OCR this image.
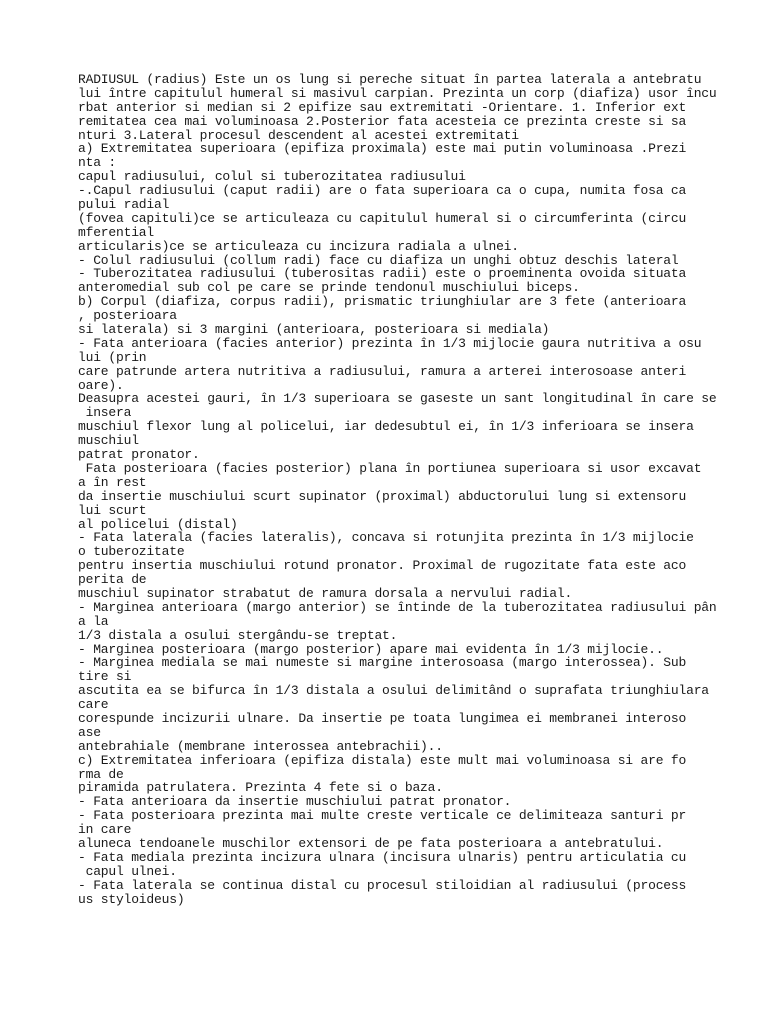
RADIUSUL (radius) Este un os lung si pereche situat în partea laterala a antebratu
lui între capitulul humeral si masivul carpian. Prezinta un corp (diafiza) usor încu
rbat anterior si median si 2 epifize sau extremitati -Orientare. 1. Inferior ext
remitatea cea mai voluminoasa 2.Posterior fata acesteia ce prezinta creste si sa
nturi 3.Lateral procesul descendent al acestei extremitati
a) Extremitatea superioara (epifiza proximala) este mai putin voluminoasa .Prezi
nta :
capul radiusului, colul si tuberozitatea radiusului
-.Capul radiusului (caput radii) are o fata superioara ca o cupa, numita fosa ca
pului radial
(fovea capituli)ce se articuleaza cu capitulul humeral si o circumferinta (circu
mferential
articularis)ce se articuleaza cu incizura radiala a ulnei.
- Colul radiusului (collum radi) face cu diafiza un unghi obtuz deschis lateral
- Tuberozitatea radiusului (tuberositas radii) este o proeminenta ovoida situata
anteromedial sub col pe care se prinde tendonul muschiului biceps.
b) Corpul (diafiza, corpus radii), prismatic triunghiular are 3 fete (anterioara
, posterioara
si laterala) si 3 margini (anterioara, posterioara si mediala)
- Fata anterioara (facies anterior) prezinta în 1/3 mijlocie gaura nutritiva a osu
lui (prin
care patrunde artera nutritiva a radiusului, ramura a arterei interosoase anteri
oare).
Deasupra acestei gauri, în 1/3 superioara se gaseste un sant longitudinal în care se
insera
muschiul flexor lung al policelui, iar dedesubtul ei, în 1/3 inferioara se insera
muschiul
patrat pronator.
Fata posterioara (facies posterior) plana în portiunea superioara si usor excavat
a în rest
da insertie muschiului scurt supinator (proximal) abductorului lung si extensoru
lui scurt
al policelui (distal)
- Fata laterala (facies lateralis), concava si rotunjita prezinta în 1/3 mijlocie
o tuberozitate
pentru insertia muschiului rotund pronator. Proximal de rugozitate fata este aco
perita de
muschiul supinator strabatut de ramura dorsala a nervului radial.
- Marginea anterioara (margo anterior) se întinde de la tuberozitatea radiusului pân
a la
1/3 distala a osului stergându-se treptat.
- Marginea posterioara (margo posterior) apare mai evidenta în 1/3 mijlocie..
- Marginea mediala se mai numeste si margine interosoasa (margo interossea). Sub
tire si
ascutita ea se bifurca în 1/3 distala a osului delimitând o suprafata triunghiulara
care
corespunde incizurii ulnare. Da insertie pe toata lungimea ei membranei interoso
ase
antebrahiale (membrane interossea antebrachii)..
c) Extremitatea inferioara (epifiza distala) este mult mai voluminoasa si are fo
rma de
piramida patrulatera. Prezinta 4 fete si o baza.
- Fata anterioara da insertie muschiului patrat pronator.
- Fata posterioara prezinta mai multe creste verticale ce delimiteaza santuri pr
in care
aluneca tendoanele muschilor extensori de pe fata posterioara a antebratului.
- Fata mediala prezinta incizura ulnara (incisura ulnaris) pentru articulatia cu
capul ulnei.
- Fata laterala se continua distal cu procesul stiloidian al radiusului (process
us styloideus)
